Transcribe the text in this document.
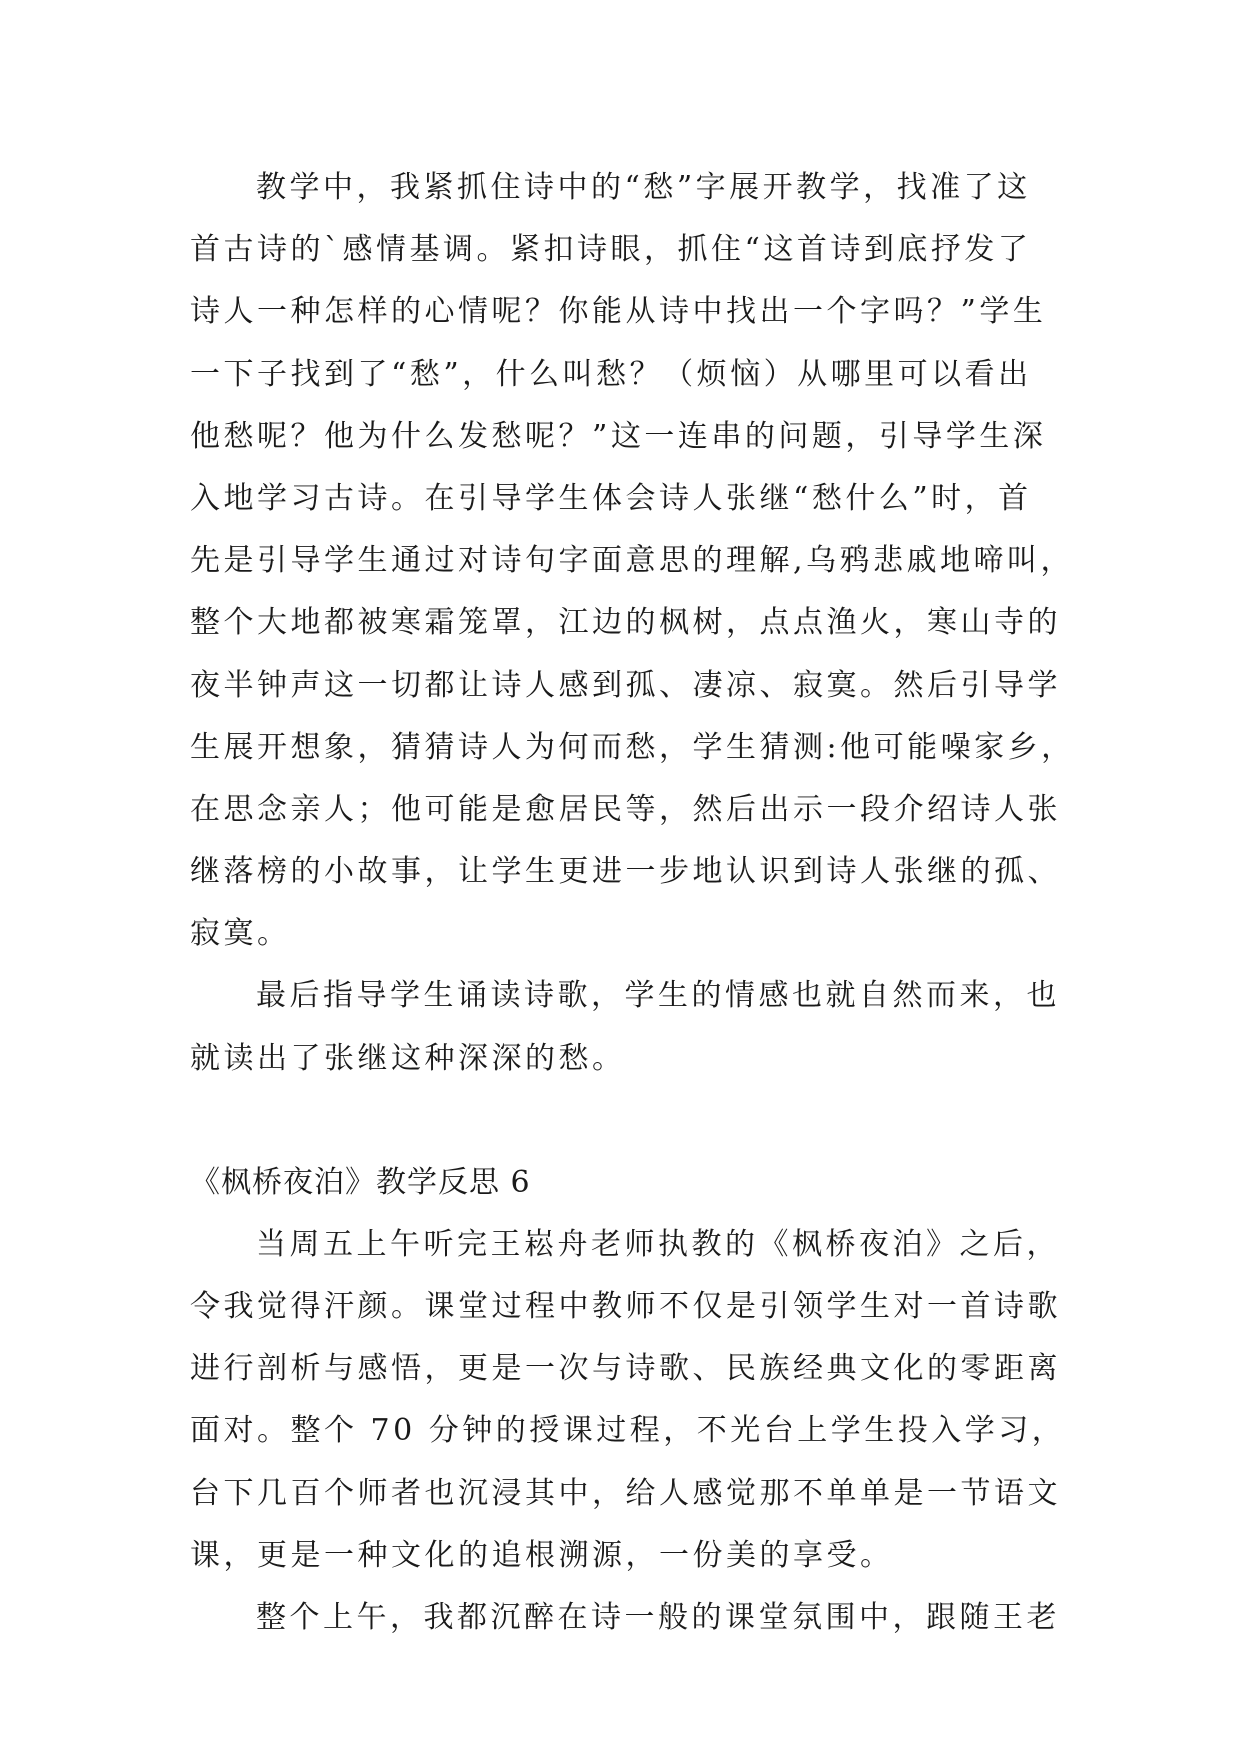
教学中，我紧抓住诗中的“愁”字展开教学，找准了这
首古诗的`感情基调。紧扣诗眼，抓住“这首诗到底抒发了
诗人一种怎样的心情呢？你能从诗中找出一个字吗？”学生
一下子找到了“愁”，什么叫愁？（烦恼）从哪里可以看出
他愁呢？他为什么发愁呢？”这一连串的问题，引导学生深
入地学习古诗。在引导学生体会诗人张继“愁什么”时，首
先是引导学生通过对诗句字面意思的理解,乌鸦悲戚地啼叫，
整个大地都被寒霜笼罩，江边的枫树，点点渔火，寒山寺的
夜半钟声这一切都让诗人感到孤、凄凉、寂寞。然后引导学
生展开想象，猜猜诗人为何而愁，学生猜测:他可能噪家乡，
在思念亲人；他可能是愈居民等，然后出示一段介绍诗人张
继落榜的小故事，让学生更进一步地认识到诗人张继的孤、
寂寞。
最后指导学生诵读诗歌，学生的情感也就自然而来，也
就读出了张继这种深深的愁。
《枫桥夜泊》教学反思 6
当周五上午听完王崧舟老师执教的《枫桥夜泊》之后，
令我觉得汗颜。课堂过程中教师不仅是引领学生对一首诗歌
进行剖析与感悟，更是一次与诗歌、民族经典文化的零距离
面对。整个 70 分钟的授课过程，不光台上学生投入学习，
台下几百个师者也沉浸其中，给人感觉那不单单是一节语文
课，更是一种文化的追根溯源，一份美的享受。
整个上午，我都沉醉在诗一般的课堂氛围中，跟随王老
